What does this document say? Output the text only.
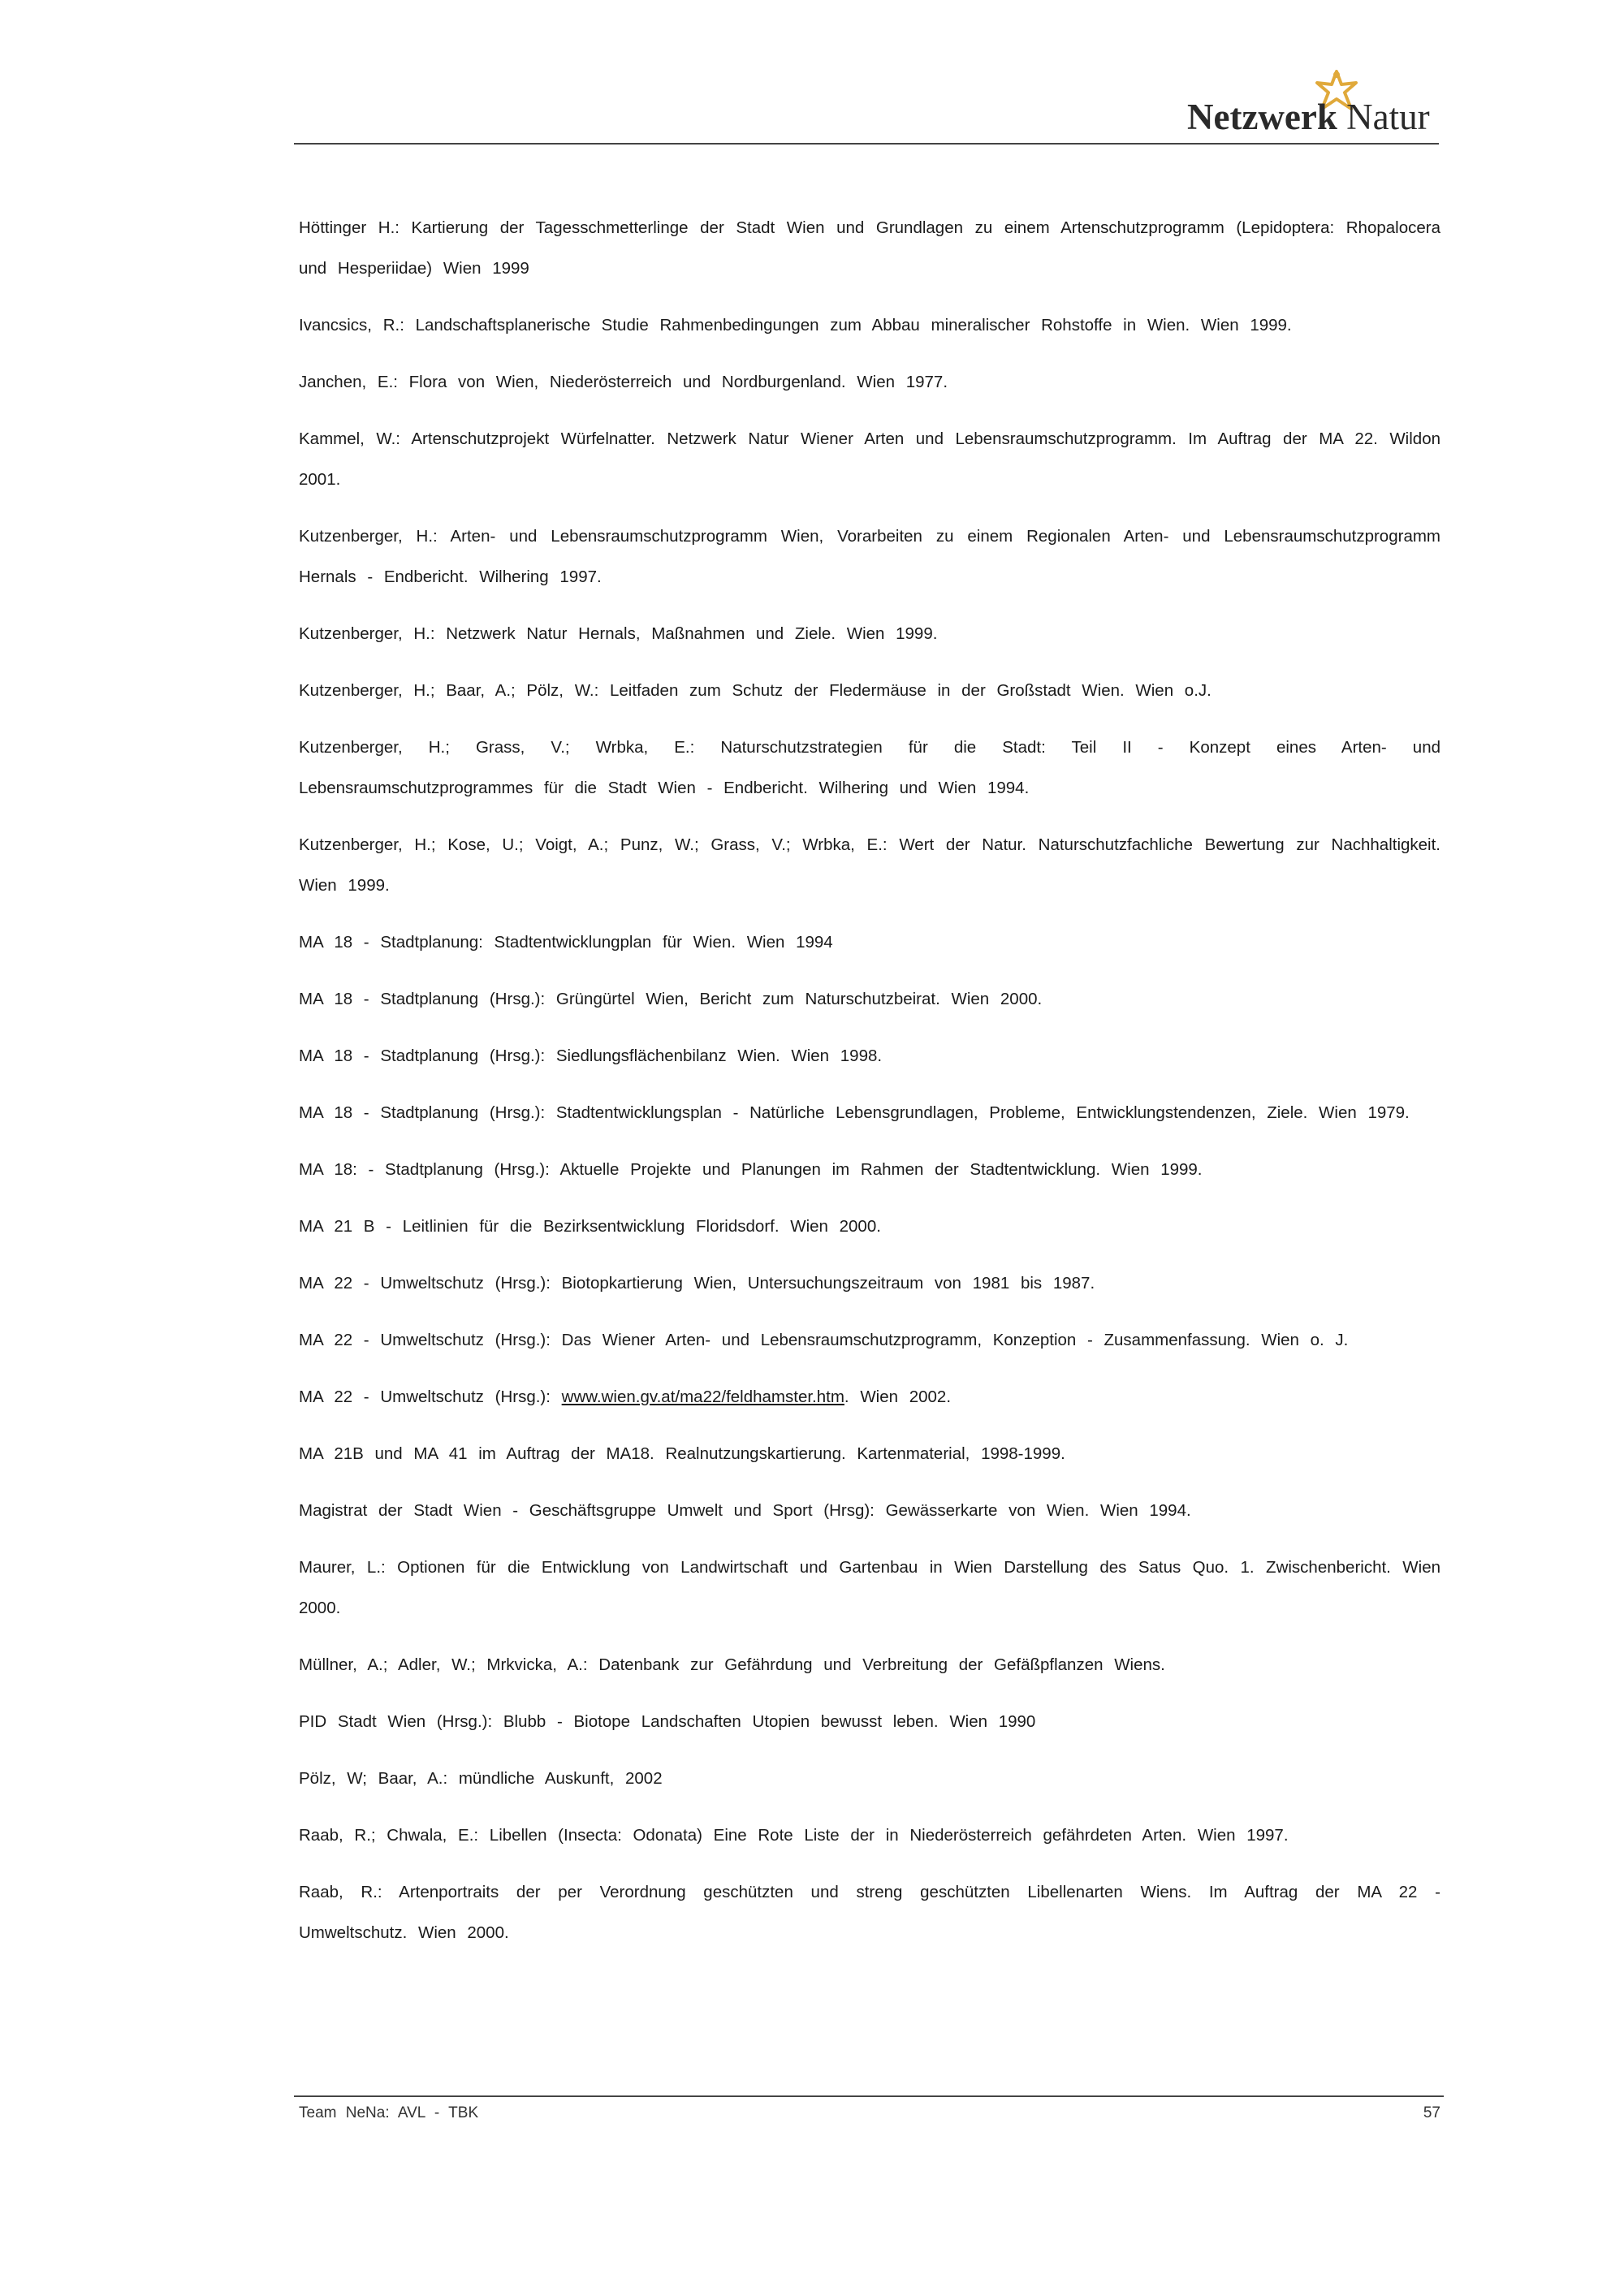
Netzwerk Natur
Höttinger H.: Kartierung der Tagesschmetterlinge der Stadt Wien und Grundlagen zu einem Artenschutzprogramm (Lepidoptera: Rhopalocera und Hesperiidae) Wien 1999
Ivancsics, R.: Landschaftsplanerische Studie Rahmenbedingungen zum Abbau mineralischer Rohstoffe in Wien. Wien 1999.
Janchen, E.: Flora von Wien, Niederösterreich und Nordburgenland. Wien 1977.
Kammel, W.: Artenschutzprojekt Würfelnatter. Netzwerk Natur Wiener Arten und Lebensraumschutzprogramm. Im Auftrag der MA 22. Wildon 2001.
Kutzenberger, H.: Arten- und Lebensraumschutzprogramm Wien, Vorarbeiten zu einem Regionalen Arten- und Lebensraumschutzprogramm Hernals - Endbericht. Wilhering 1997.
Kutzenberger, H.: Netzwerk Natur Hernals, Maßnahmen und Ziele. Wien 1999.
Kutzenberger, H.; Baar, A.; Pölz, W.: Leitfaden zum Schutz der Fledermäuse in der Großstadt Wien. Wien o.J.
Kutzenberger, H.; Grass, V.; Wrbka, E.: Naturschutzstrategien für die Stadt: Teil II - Konzept eines Arten- und Lebensraumschutzprogrammes für die Stadt Wien - Endbericht. Wilhering und Wien 1994.
Kutzenberger, H.; Kose, U.; Voigt, A.; Punz, W.; Grass, V.; Wrbka, E.: Wert der Natur. Naturschutzfachliche Bewertung zur Nachhaltigkeit. Wien 1999.
MA 18 - Stadtplanung: Stadtentwicklungplan für Wien. Wien 1994
MA 18 - Stadtplanung (Hrsg.): Grüngürtel Wien, Bericht zum Naturschutzbeirat. Wien 2000.
MA 18 - Stadtplanung (Hrsg.): Siedlungsflächenbilanz Wien. Wien 1998.
MA 18 - Stadtplanung (Hrsg.): Stadtentwicklungsplan - Natürliche Lebensgrundlagen, Probleme, Entwicklungstendenzen, Ziele. Wien 1979.
MA 18: - Stadtplanung (Hrsg.): Aktuelle Projekte und Planungen im Rahmen der Stadtentwicklung. Wien 1999.
MA 21 B - Leitlinien für die Bezirksentwicklung Floridsdorf. Wien 2000.
MA 22 - Umweltschutz (Hrsg.): Biotopkartierung Wien, Untersuchungszeitraum von 1981 bis 1987.
MA 22 - Umweltschutz (Hrsg.): Das Wiener Arten- und Lebensraumschutzprogramm, Konzeption - Zusammenfassung. Wien o. J.
MA 22 - Umweltschutz (Hrsg.): www.wien.gv.at/ma22/feldhamster.htm. Wien 2002.
MA 21B und MA 41 im Auftrag der MA18. Realnutzungskartierung. Kartenmaterial, 1998-1999.
Magistrat der Stadt Wien - Geschäftsgruppe Umwelt und Sport (Hrsg): Gewässerkarte von Wien. Wien 1994.
Maurer, L.: Optionen für die Entwicklung von Landwirtschaft und Gartenbau in Wien Darstellung des Satus Quo. 1. Zwischenbericht. Wien 2000.
Müllner, A.; Adler, W.; Mrkvicka, A.: Datenbank zur Gefährdung und Verbreitung der Gefäßpflanzen Wiens.
PID Stadt Wien (Hrsg.): Blubb - Biotope Landschaften Utopien bewusst leben. Wien 1990
Pölz, W; Baar, A.: mündliche Auskunft, 2002
Raab, R.; Chwala, E.: Libellen (Insecta: Odonata) Eine Rote Liste der in Niederösterreich gefährdeten Arten. Wien 1997.
Raab, R.: Artenportraits der per Verordnung geschützten und streng geschützten Libellenarten Wiens. Im Auftrag der MA 22 - Umweltschutz. Wien 2000.
Team NeNa: AVL - TBK	57
